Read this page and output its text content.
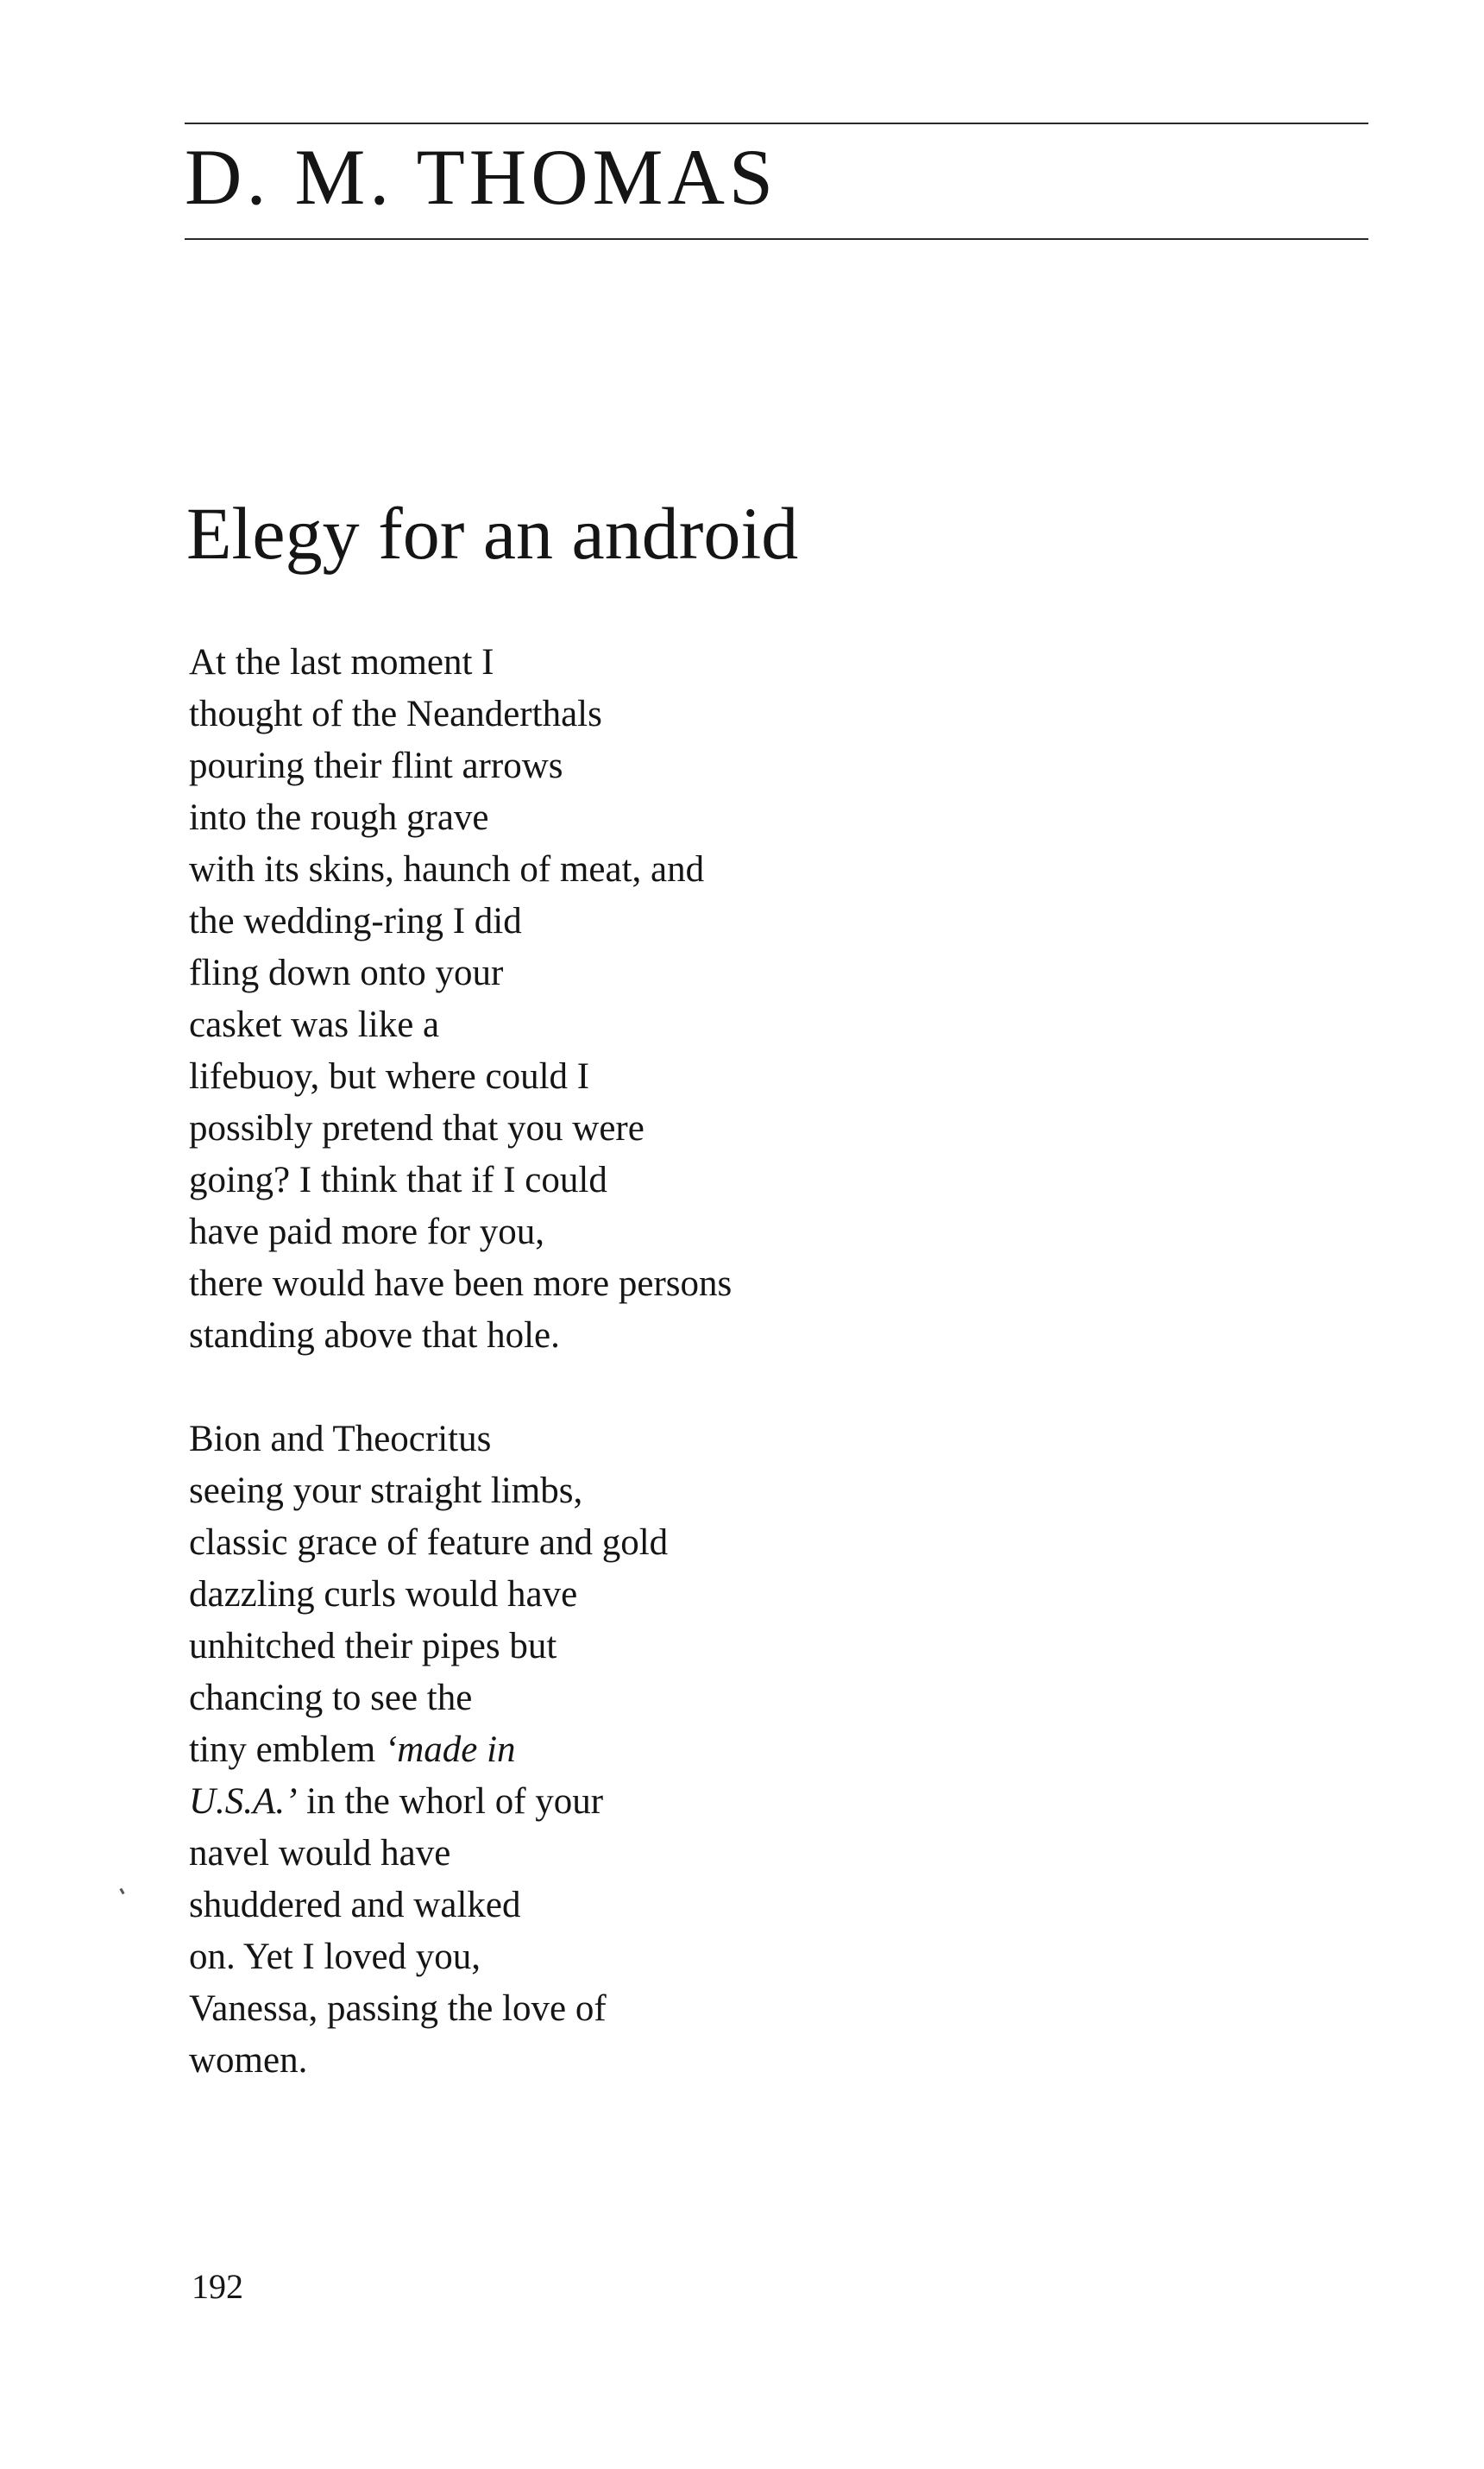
D. M. THOMAS
Elegy for an android
At the last moment I
thought of the Neanderthals
pouring their flint arrows
into the rough grave
with its skins, haunch of meat, and
the wedding-ring I did
fling down onto your
casket was like a
lifebuoy, but where could I
possibly pretend that you were
going? I think that if I could
have paid more for you,
there would have been more persons
standing above that hole.
Bion and Theocritus
seeing your straight limbs,
classic grace of feature and gold
dazzling curls would have
unhitched their pipes but
chancing to see the
tiny emblem ‘made in
U.S.A.’ in the whorl of your
navel would have
shuddered and walked
on. Yet I loved you,
Vanessa, passing the love of
women.

192
